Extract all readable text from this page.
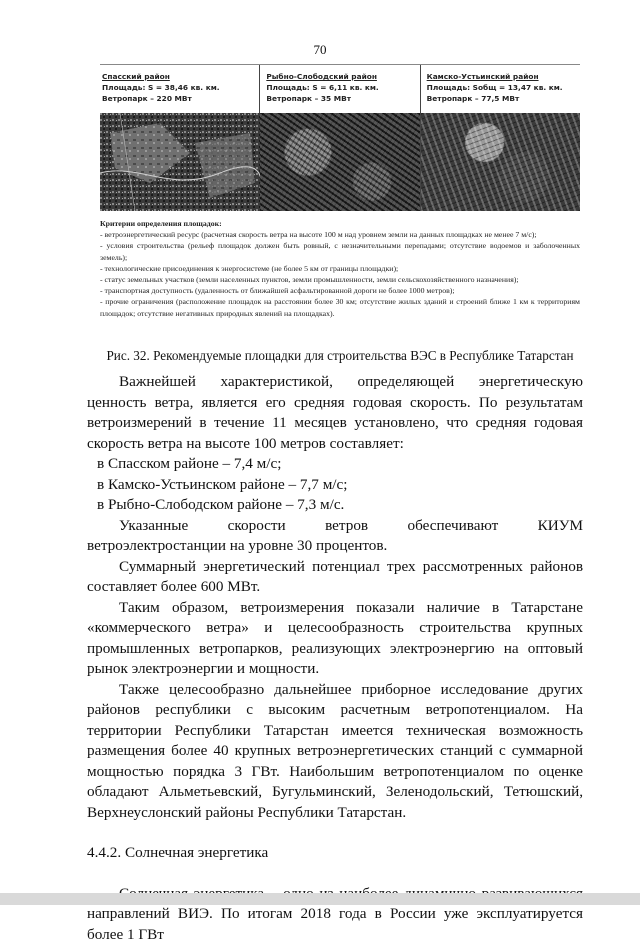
70
Спасский район
Площадь: S = 38,46 кв. км.
Ветропарк – 220 МВт
Рыбно-Слободский район
Площадь: S = 6,11 кв. км.
Ветропарк – 35 МВт
Камско-Устьинский район
Площадь: Sобщ = 13,47 кв. км.
Ветропарк – 77,5 МВт
Критерии определения площадок:
- ветроэнергетический ресурс (расчетная скорость ветра на высоте 100 м над уровнем земли на данных площадках не менее 7 м/с);
- условия строительства (рельеф площадок должен быть ровный, с незначительными перепадами; отсутствие водоемов и заболоченных земель);
- технологические присоединения к энергосистеме (не более 5 км от границы площадки);
- статус земельных участков (земли населенных пунктов, земли промышленности, земли сельскохозяйственного назначения);
- транспортная доступность (удаленность от ближайшей асфальтированной дороги не более 1000 метров);
- прочие ограничения (расположение площадок на расстоянии более 30 км; отсутствие жилых зданий и строений ближе 1 км к территориям площадок; отсутствие негативных природных явлений на площадках).
Рис. 32. Рекомендуемые площадки для строительства ВЭС в Республике Татарстан

Важнейшей характеристикой, определяющей энергетическую ценность ветра, является его средняя годовая скорость. По результатам ветроизмерений в течение 11 месяцев установлено, что средняя годовая скорость ветра на высоте 100 метров составляет:

в Спасском районе – 7,4 м/с;

в Камско-Устьинском районе – 7,7 м/с;

в Рыбно-Слободском районе – 7,3 м/с.

Указанные скорости ветров обеспечивают КИУМ ветроэлектростанции на уровне 30 процентов.

Суммарный энергетический потенциал трех рассмотренных районов составляет более 600 МВт.

Таким образом, ветроизмерения показали наличие в Татарстане «коммерческого ветра» и целесообразность строительства крупных промышленных ветропарков, реализующих электроэнергию на оптовый рынок электроэнергии и мощности.

Также целесообразно дальнейшее приборное исследование других районов республики с высоким расчетным ветропотенциалом. На территории Республики Татарстан имеется техническая возможность размещения более 40 крупных ветроэнергетических станций с суммарной мощностью порядка 3 ГВт. Наибольшим ветропотенциалом по оценке обладают Альметьевский, Бугульминский, Зеленодольский, Тетюшский, Верхнеуслонский районы Республики Татарстан.

4.4.2. Солнечная энергетика

направлений ВИЭ. По итогам 2018 года в России уже эксплуатируется более 1 ГВт
